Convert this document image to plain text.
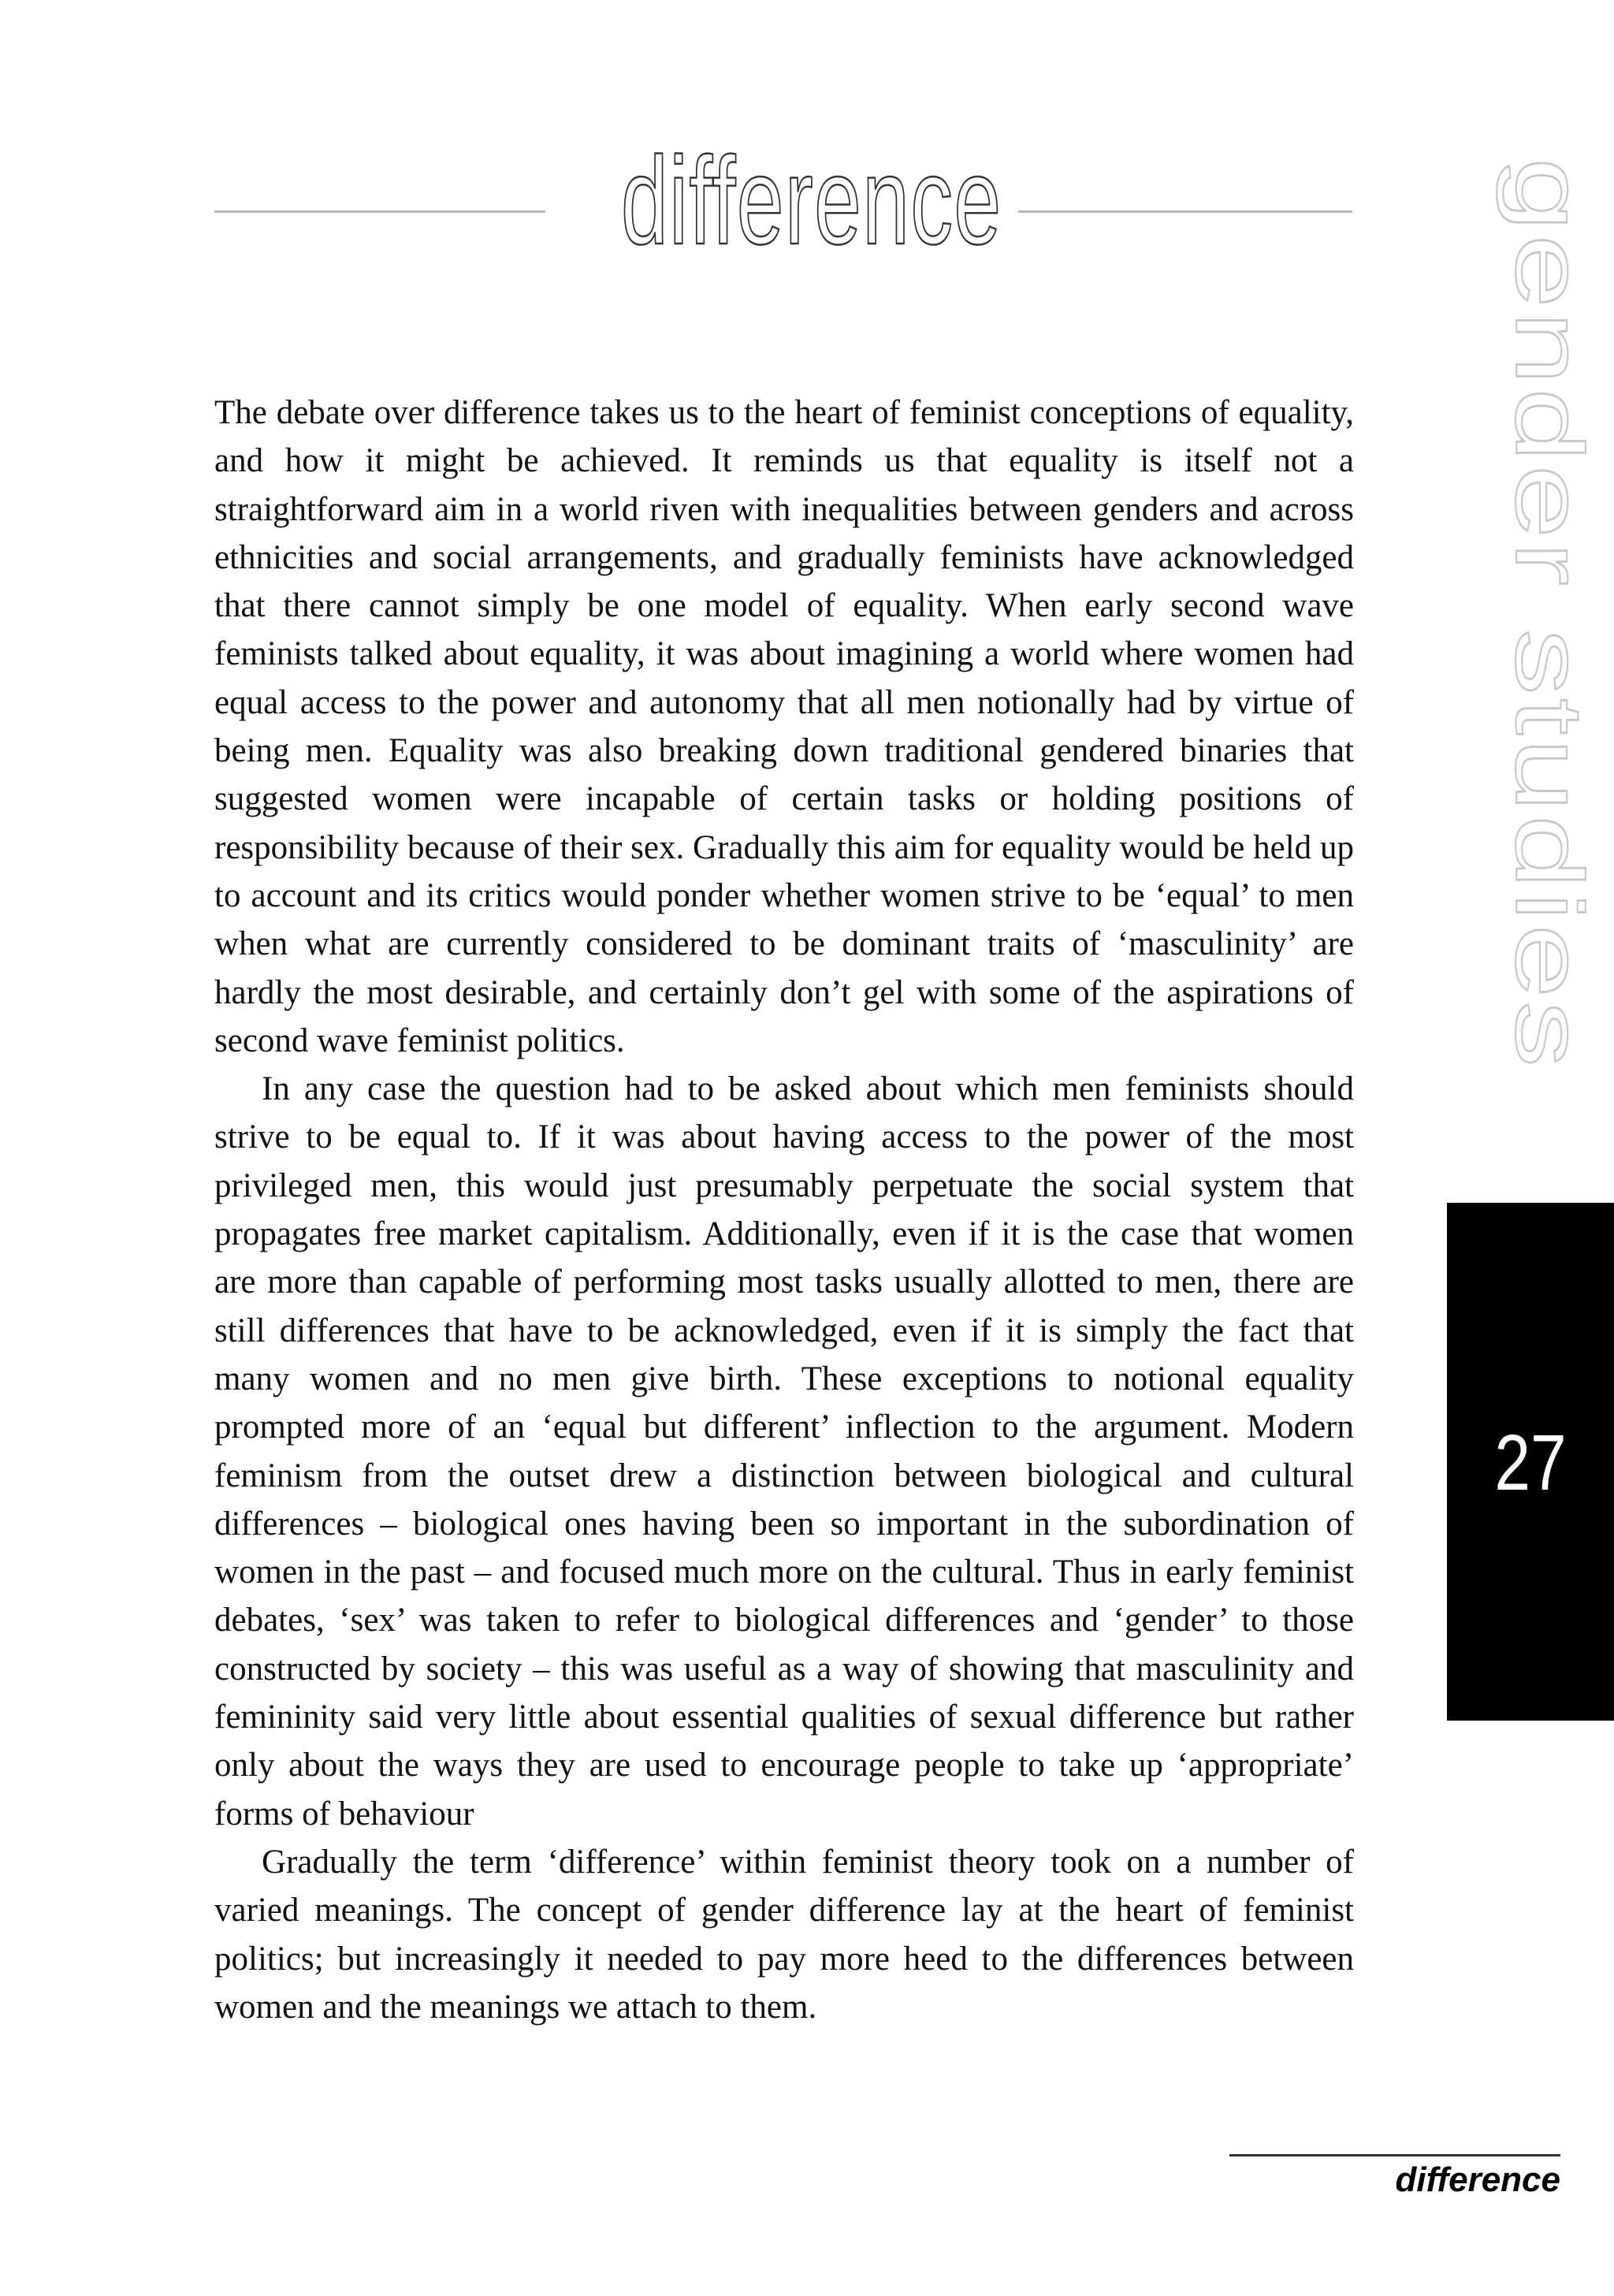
difference	gender studies
27

The debate over difference takes us to the heart of feminist conceptions of equality, and how it might be achieved. It reminds us that equality is itself not a straightforward aim in a world riven with inequalities between genders and across ethnicities and social arrangements, and gradually feminists have acknowledged that there cannot simply be one model of equality. When early second wave feminists talked about equality, it was about imagining a world where women had equal access to the power and autonomy that all men notionally had by virtue of being men. Equality was also breaking down traditional gendered binaries that suggested women were incapable of certain tasks or holding positions of responsibility because of their sex. Gradually this aim for equality would be held up to account and its critics would ponder whether women strive to be ‘equal’ to men when what are currently considered to be dominant traits of ‘masculinity’ are hardly the most desirable, and certainly don’t gel with some of the aspirations of second wave feminist politics.

In any case the question had to be asked about which men feminists should strive to be equal to. If it was about having access to the power of the most privileged men, this would just presumably perpetuate the social system that propagates free market capitalism. Additionally, even if it is the case that women are more than capable of performing most tasks usually allotted to men, there are still differences that have to be acknowledged, even if it is simply the fact that many women and no men give birth. These exceptions to notional equality prompted more of an ‘equal but different’ inflection to the argument. Modern feminism from the outset drew a distinction between biological and cultural differences – biological ones having been so important in the subordination of women in the past – and focused much more on the cultural. Thus in early feminist debates, ‘sex’ was taken to refer to biological differences and ‘gender’ to those constructed by society – this was useful as a way of showing that masculinity and femininity said very little about essential qualities of sexual difference but rather only about the ways they are used to encourage people to take up ‘appropriate’ forms of behaviour

Gradually the term ‘difference’ within feminist theory took on a number of varied meanings. The concept of gender difference lay at the heart of feminist politics; but increasingly it needed to pay more heed to the differences between women and the meanings we attach to them.

difference
